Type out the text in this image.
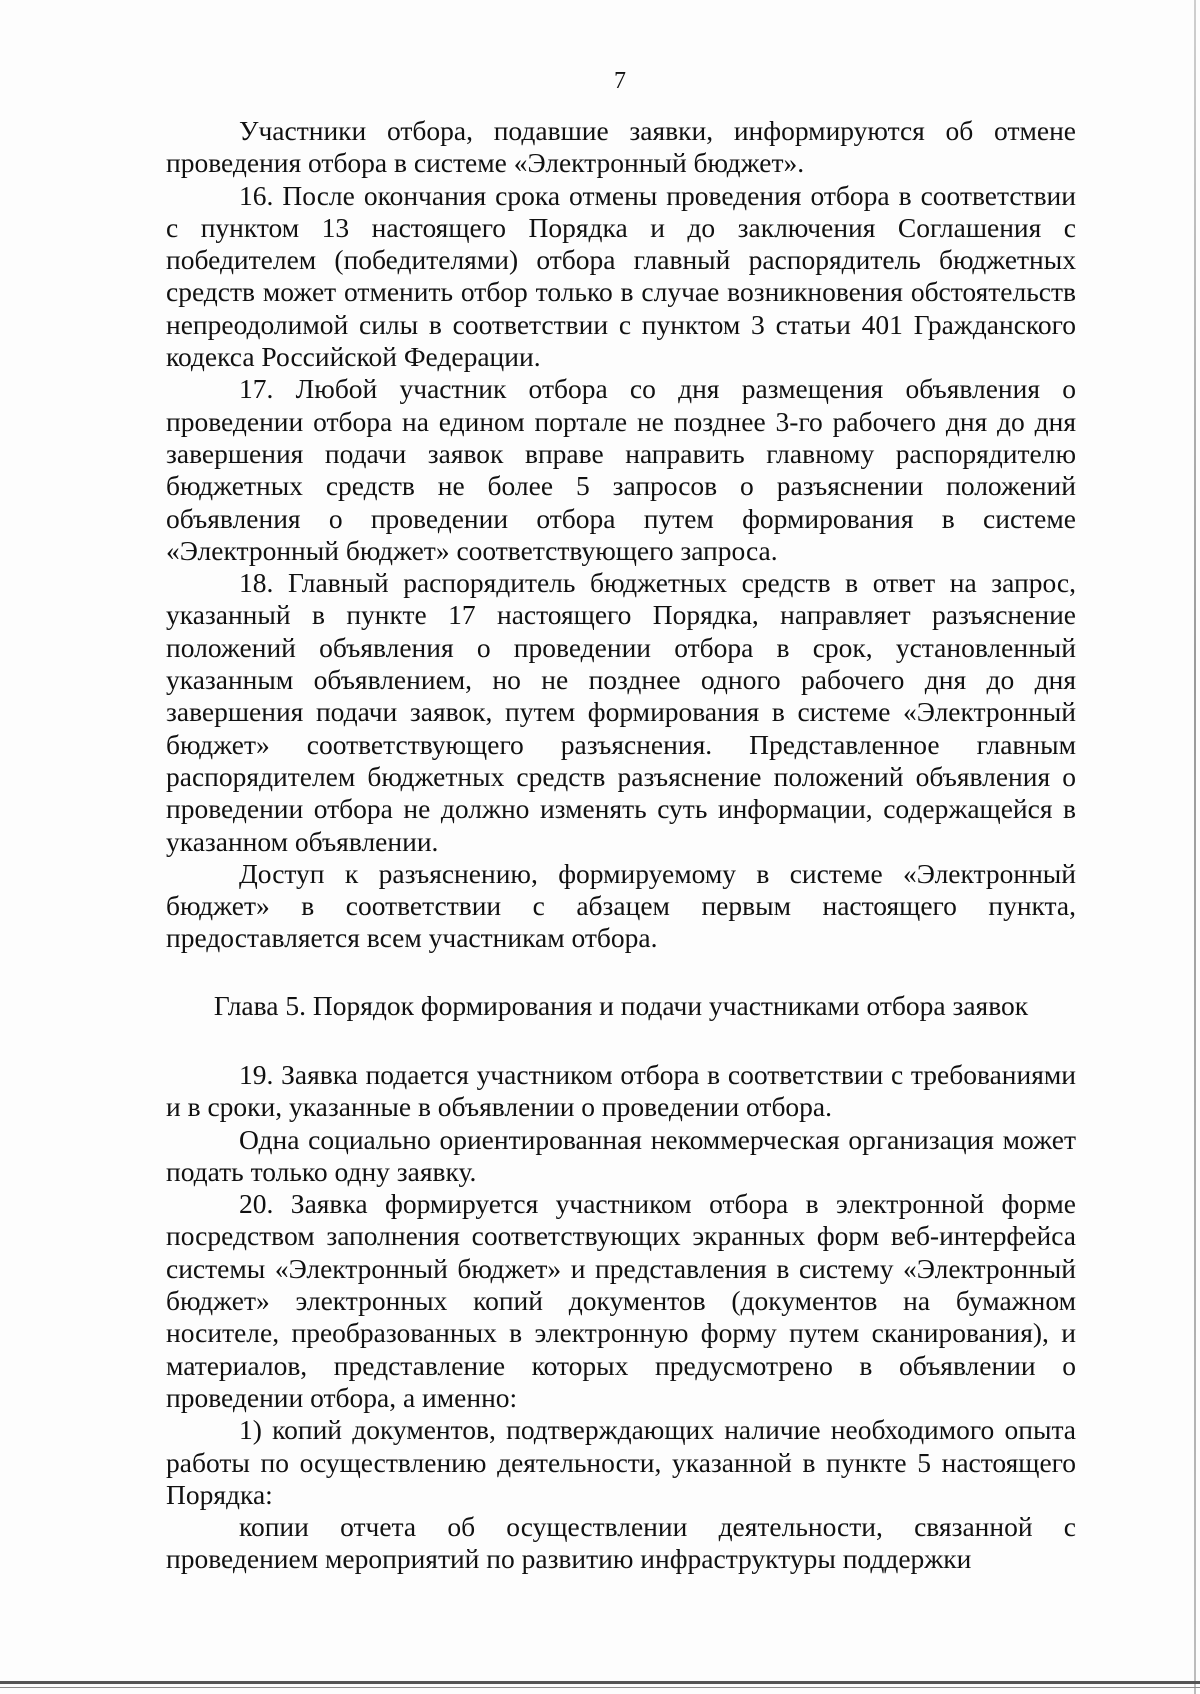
7

Участники отбора, подавшие заявки, информируются об отмене проведения отбора в системе «Электронный бюджет».

16. После окончания срока отмены проведения отбора в соответствии с пунктом 13 настоящего Порядка и до заключения Соглашения с победителем (победителями) отбора главный распорядитель бюджетных средств может отменить отбор только в случае возникновения обстоятельств непреодолимой силы в соответствии с пунктом 3 статьи 401 Гражданского кодекса Российской Федерации.

17. Любой участник отбора со дня размещения объявления о проведении отбора на едином портале не позднее 3-го рабочего дня до дня завершения подачи заявок вправе направить главному распорядителю бюджетных средств не более 5 запросов о разъяснении положений объявления о проведении отбора путем формирования в системе «Электронный бюджет» соответствующего запроса.

18. Главный распорядитель бюджетных средств в ответ на запрос, указанный в пункте 17 настоящего Порядка, направляет разъяснение положений объявления о проведении отбора в срок, установленный указанным объявлением, но не позднее одного рабочего дня до дня завершения подачи заявок, путем формирования в системе «Электронный бюджет» соответствующего разъяснения. Представленное главным распорядителем бюджетных средств разъяснение положений объявления о проведении отбора не должно изменять суть информации, содержащейся в указанном объявлении.

Доступ к разъяснению, формируемому в системе «Электронный бюджет» в соответствии с абзацем первым настоящего пункта, предоставляется всем участникам отбора.

Глава 5. Порядок формирования и подачи участниками отбора заявок

19. Заявка подается участником отбора в соответствии с требованиями и в сроки, указанные в объявлении о проведении отбора.

Одна социально ориентированная некоммерческая организация может подать только одну заявку.

20. Заявка формируется участником отбора в электронной форме посредством заполнения соответствующих экранных форм веб-интерфейса системы «Электронный бюджет» и представления в систему «Электронный бюджет» электронных копий документов (документов на бумажном носителе, преобразованных в электронную форму путем сканирования), и материалов, представление которых предусмотрено в объявлении о проведении отбора, а именно:

1) копий документов, подтверждающих наличие необходимого опыта работы по осуществлению деятельности, указанной в пункте 5 настоящего Порядка:

копии отчета об осуществлении деятельности, связанной с проведением мероприятий по развитию инфраструктуры поддержки
